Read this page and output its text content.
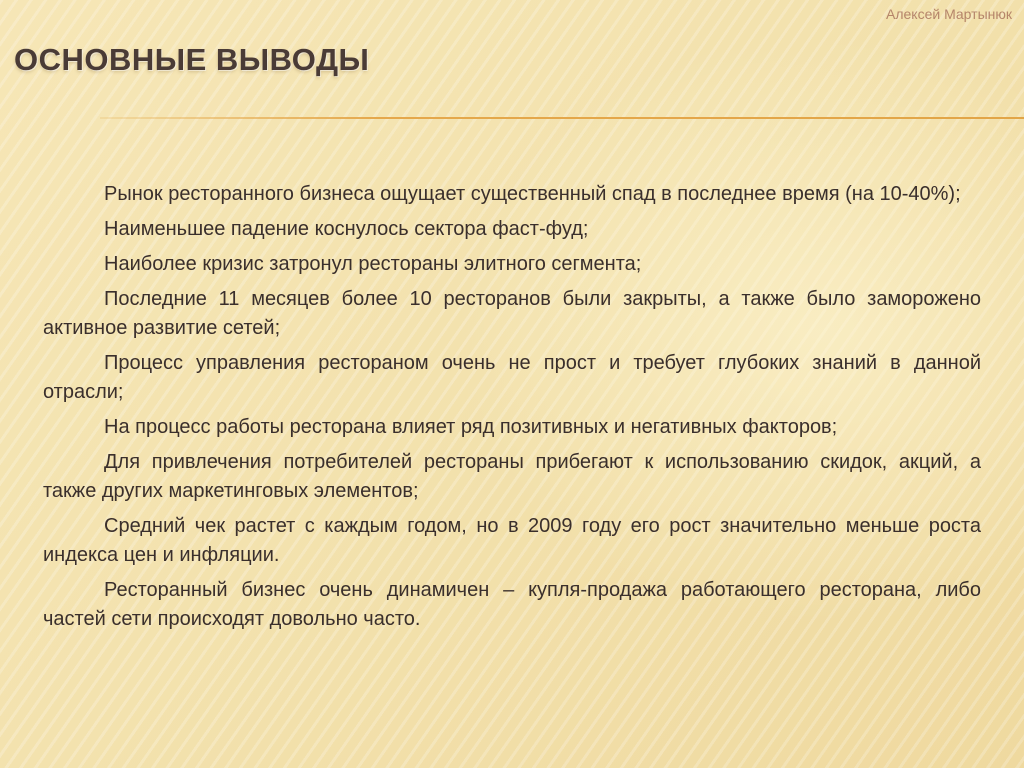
Алексей Мартынюк
ОСНОВНЫЕ ВЫВОДЫ

Рынок ресторанного бизнеса ощущает существенный спад в последнее время (на 10-40%);

Наименьшее падение коснулось сектора фаст-фуд;

Наиболее кризис затронул рестораны элитного сегмента;

Последние 11 месяцев более 10 ресторанов были закрыты, а также было заморожено активное развитие сетей;

Процесс управления рестораном очень не прост и требует глубоких знаний в данной отрасли;

На процесс работы ресторана влияет ряд позитивных и негативных факторов;

Для привлечения потребителей рестораны прибегают к использованию скидок, акций, а также других маркетинговых элементов;

Средний чек растет с каждым годом, но в 2009 году его рост значительно меньше роста индекса цен и инфляции.

Ресторанный бизнес очень динамичен – купля-продажа работающего ресторана, либо частей сети происходят довольно часто.
